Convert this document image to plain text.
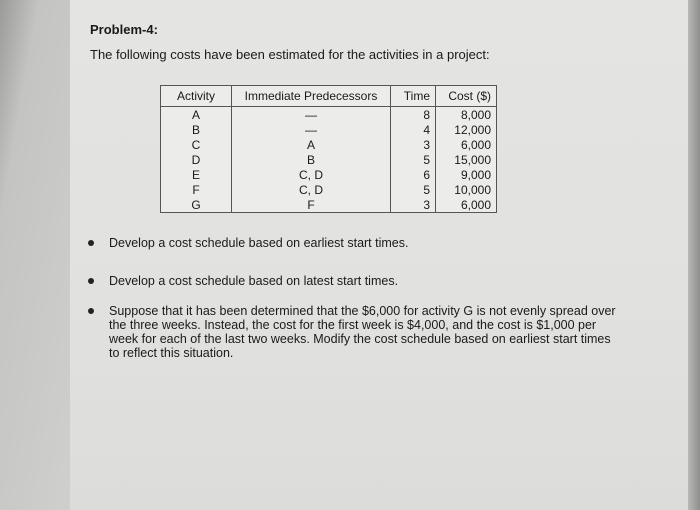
Problem-4:
The following costs have been estimated for the activities in a project:
Activity	Immediate Predecessors	Time	Cost ($)
A	—	8	8,000
B	—	4	12,000
C	A	3	6,000
D	B	5	15,000
E	C, D	6	9,000
F	C, D	5	10,000
G	F	3	6,000
Develop a cost schedule based on earliest start times.
Develop a cost schedule based on latest start times.
Suppose that it has been determined that the $6,000 for activity G is not evenly spread over the three weeks. Instead, the cost for the first week is $4,000, and the cost is $1,000 per week for each of the last two weeks. Modify the cost schedule based on earliest start times to reflect this situation.
